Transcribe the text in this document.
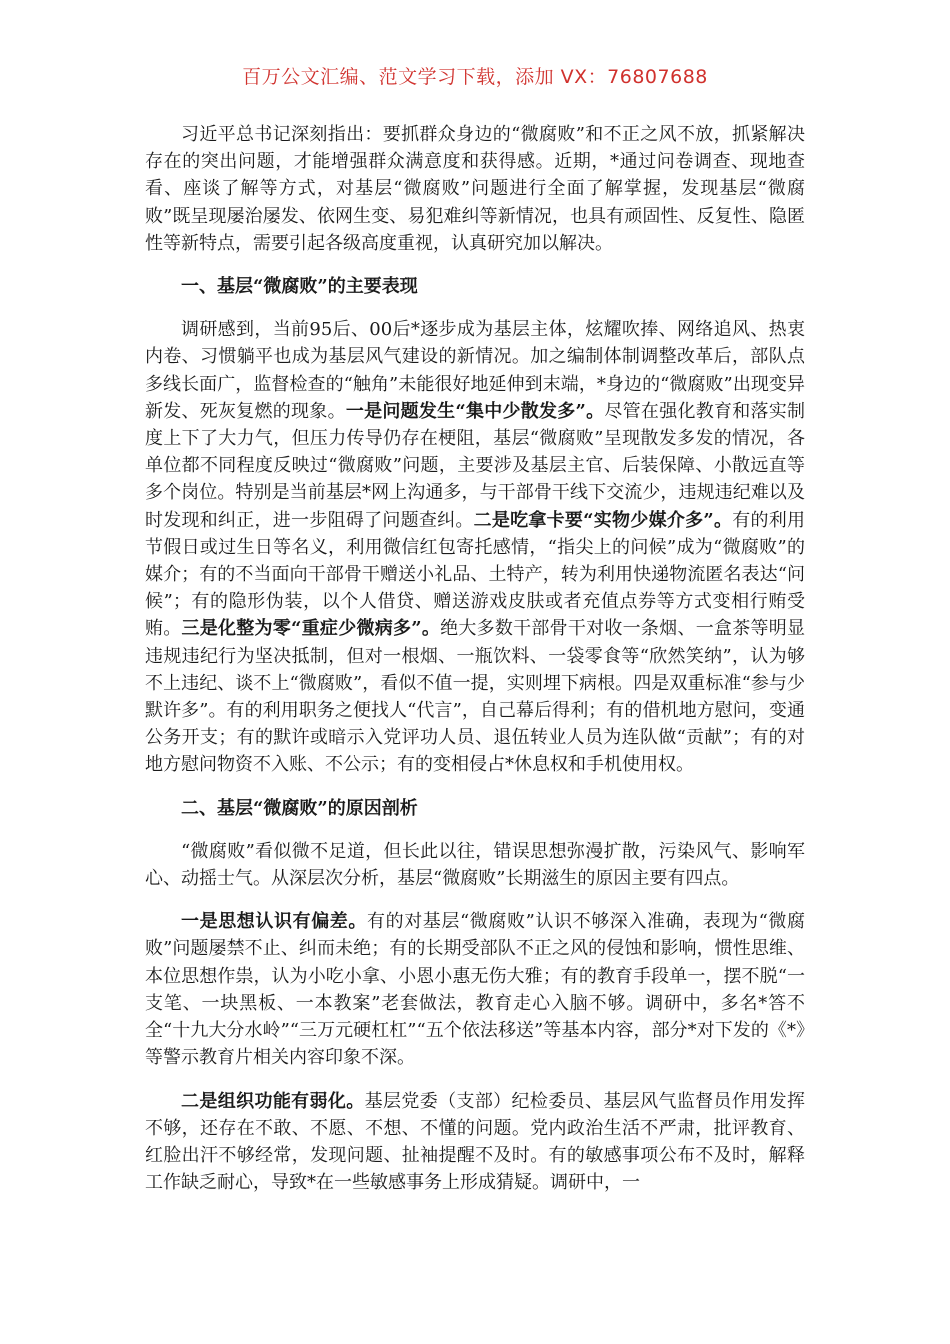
百万公文汇编、范文学习下载，添加 VX：76807688

习近平总书记深刻指出：要抓群众身边的“微腐败”和不正之风不放，抓紧解决存在的突出问题，才能增强群众满意度和获得感。近期，*通过问卷调查、现地查看、座谈了解等方式，对基层“微腐败”问题进行全面了解掌握，发现基层“微腐败”既呈现屡治屡发、依网生变、易犯难纠等新情况，也具有顽固性、反复性、隐匿性等新特点，需要引起各级高度重视，认真研究加以解决。

一、基层“微腐败”的主要表现

调研感到，当前95后、00后*逐步成为基层主体，炫耀吹捧、网络追风、热衷内卷、习惯躺平也成为基层风气建设的新情况。加之编制体制调整改革后，部队点多线长面广，监督检查的“触角”未能很好地延伸到末端，*身边的“微腐败”出现变异新发、死灰复燃的现象。一是问题发生“集中少散发多”。尽管在强化教育和落实制度上下了大力气，但压力传导仍存在梗阻，基层“微腐败”呈现散发多发的情况，各单位都不同程度反映过“微腐败”问题，主要涉及基层主官、后装保障、小散远直等多个岗位。特别是当前基层*网上沟通多，与干部骨干线下交流少，违规违纪难以及时发现和纠正，进一步阻碍了问题查纠。二是吃拿卡要“实物少媒介多”。有的利用节假日或过生日等名义，利用微信红包寄托感情，“指尖上的问候”成为“微腐败”的媒介；有的不当面向干部骨干赠送小礼品、土特产，转为利用快递物流匿名表达“问候”；有的隐形伪装，以个人借贷、赠送游戏皮肤或者充值点券等方式变相行贿受贿。三是化整为零“重症少微病多”。绝大多数干部骨干对收一条烟、一盒茶等明显违规违纪行为坚决抵制，但对一根烟、一瓶饮料、一袋零食等“欣然笑纳”，认为够不上违纪、谈不上“微腐败”，看似不值一提，实则埋下病根。四是双重标准“参与少默许多”。有的利用职务之便找人“代言”，自己幕后得利；有的借机地方慰问，变通公务开支；有的默许或暗示入党评功人员、退伍转业人员为连队做“贡献”；有的对地方慰问物资不入账、不公示；有的变相侵占*休息权和手机使用权。

二、基层“微腐败”的原因剖析

“微腐败”看似微不足道，但长此以往，错误思想弥漫扩散，污染风气、影响军心、动摇士气。从深层次分析，基层“微腐败”长期滋生的原因主要有四点。

一是思想认识有偏差。有的对基层“微腐败”认识不够深入准确，表现为“微腐败”问题屡禁不止、纠而未绝；有的长期受部队不正之风的侵蚀和影响，惯性思维、本位思想作祟，认为小吃小拿、小恩小惠无伤大雅；有的教育手段单一，摆不脱“一支笔、一块黑板、一本教案”老套做法，教育走心入脑不够。调研中，多名*答不全“十九大分水岭”“三万元硬杠杠”“五个依法移送”等基本内容，部分*对下发的《*》等警示教育片相关内容印象不深。

二是组织功能有弱化。基层党委（支部）纪检委员、基层风气监督员作用发挥不够，还存在不敢、不愿、不想、不懂的问题。党内政治生活不严肃，批评教育、红脸出汗不够经常，发现问题、扯袖提醒不及时。有的敏感事项公布不及时，解释工作缺乏耐心，导致*在一些敏感事务上形成猜疑。调研中，一
